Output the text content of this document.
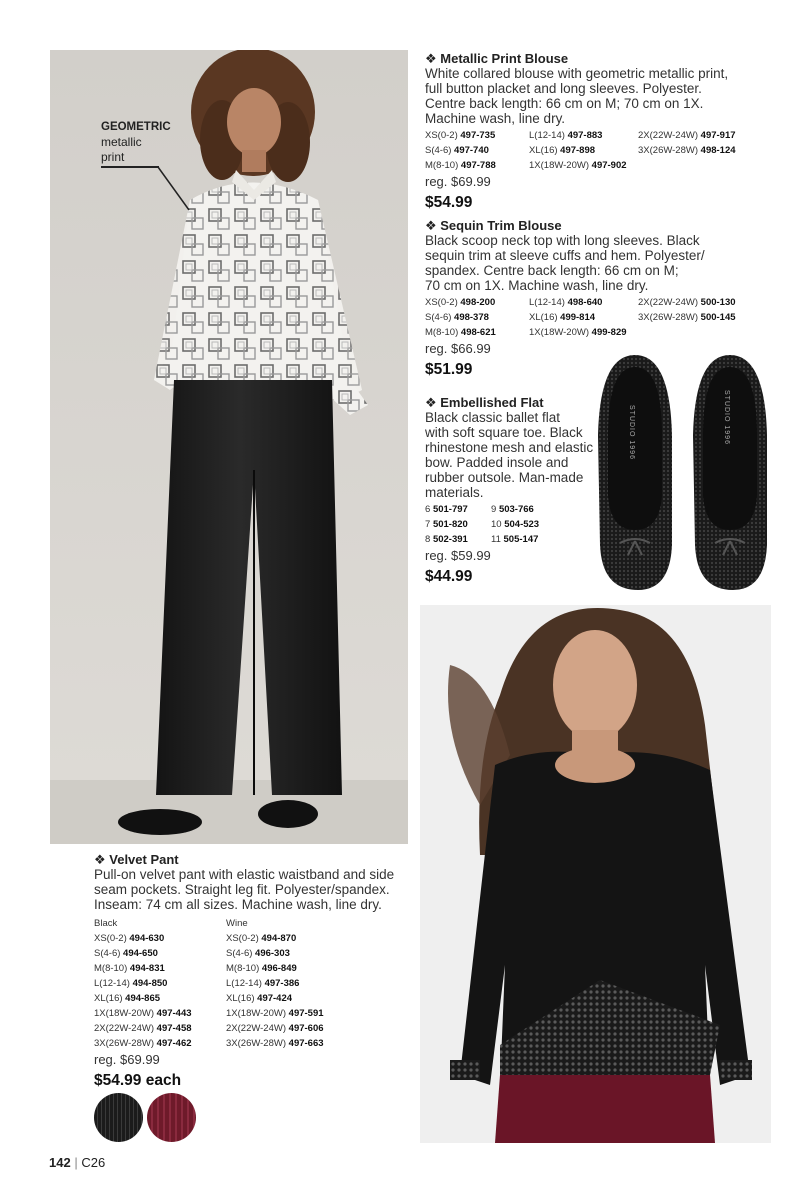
GEOMETRIC
metallic
print
❖ Metallic Print Blouse
White collared blouse with geometric metallic print,
full button placket and long sleeves. Polyester.
Centre back length: 66 cm on M; 70 cm on 1X.
Machine wash, line dry.
XS(0-2) 497-735	L(12-14) 497-883	2X(22W-24W) 497-917
S(4-6) 497-740	XL(16) 497-898	3X(26W-28W) 498-124
M(8-10) 497-788	1X(18W-20W) 497-902
reg. $69.99
$54.99
❖ Sequin Trim Blouse
Black scoop neck top with long sleeves. Black
sequin trim at sleeve cuffs and hem. Polyester/
spandex. Centre back length: 66 cm on M;
70 cm on 1X. Machine wash, line dry.
XS(0-2) 498-200	L(12-14) 498-640	2X(22W-24W) 500-130
S(4-6) 498-378	XL(16) 499-814	3X(26W-28W) 500-145
M(8-10) 498-621	1X(18W-20W) 499-829
reg. $66.99
$51.99
❖ Embellished Flat
Black classic ballet flat
with soft square toe. Black
rhinestone mesh and elastic
bow. Padded insole and
rubber outsole. Man-made
materials.
6 501-797	9 503-766
7 501-820	10 504-523
8 502-391	11 505-147
reg. $59.99
$44.99
STUDIO 1996	STUDIO 1996
❖ Velvet Pant
Pull-on velvet pant with elastic waistband and side
seam pockets. Straight leg fit. Polyester/spandex.
Inseam: 74 cm all sizes. Machine wash, line dry.
Black	Wine
XS(0-2) 494-630	XS(0-2) 494-870
S(4-6) 494-650	S(4-6) 496-303
M(8-10) 494-831	M(8-10) 496-849
L(12-14) 494-850	L(12-14) 497-386
XL(16) 494-865	XL(16) 497-424
1X(18W-20W) 497-443	1X(18W-20W) 497-591
2X(22W-24W) 497-458	2X(22W-24W) 497-606
3X(26W-28W) 497-462	3X(26W-28W) 497-663
reg. $69.99
$54.99 each
142 | C26
